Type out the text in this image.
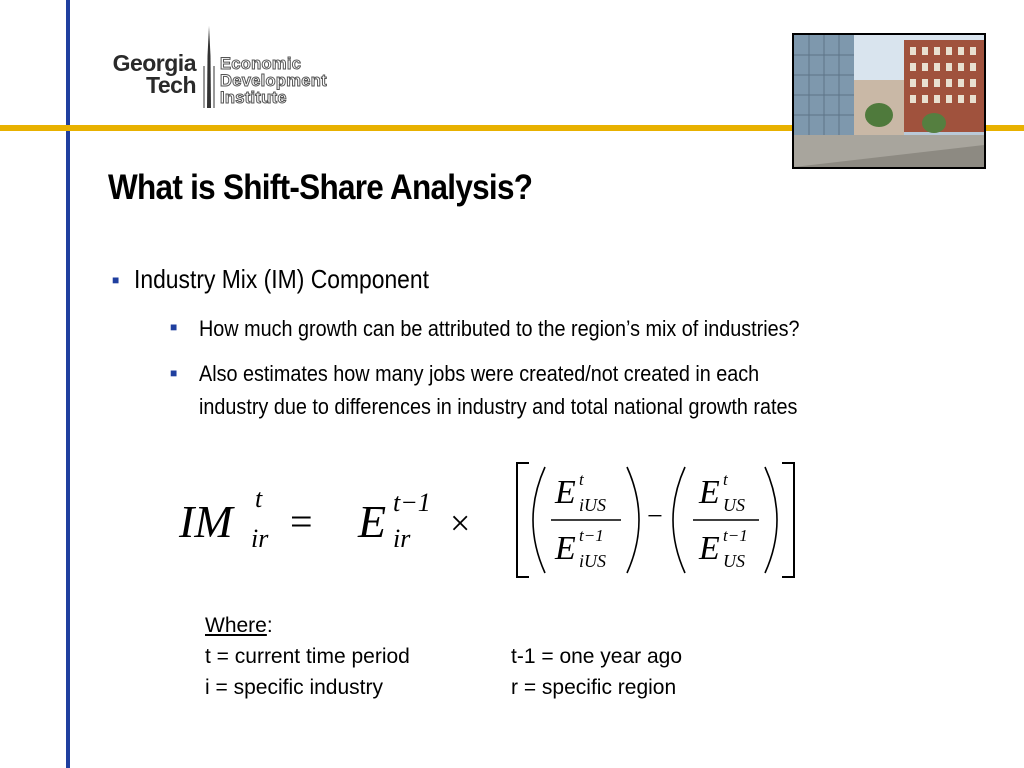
Georgia
Tech
Economic
Development
Institute
What is Shift-Share Analysis?
■ Industry Mix (IM) Component
■ How much growth can be attributed to the region’s mix of industries?
■ Also estimates how many jobs were created/not created in each
industry due to differences in industry and total national growth rates
IM t
ir = E t−1
ir ×
E t
iUS
E t−1
iUS
−
E t
US
E t−1
US
Where:
t = current time period	t-1 = one year ago
i = specific industry	r = specific region
